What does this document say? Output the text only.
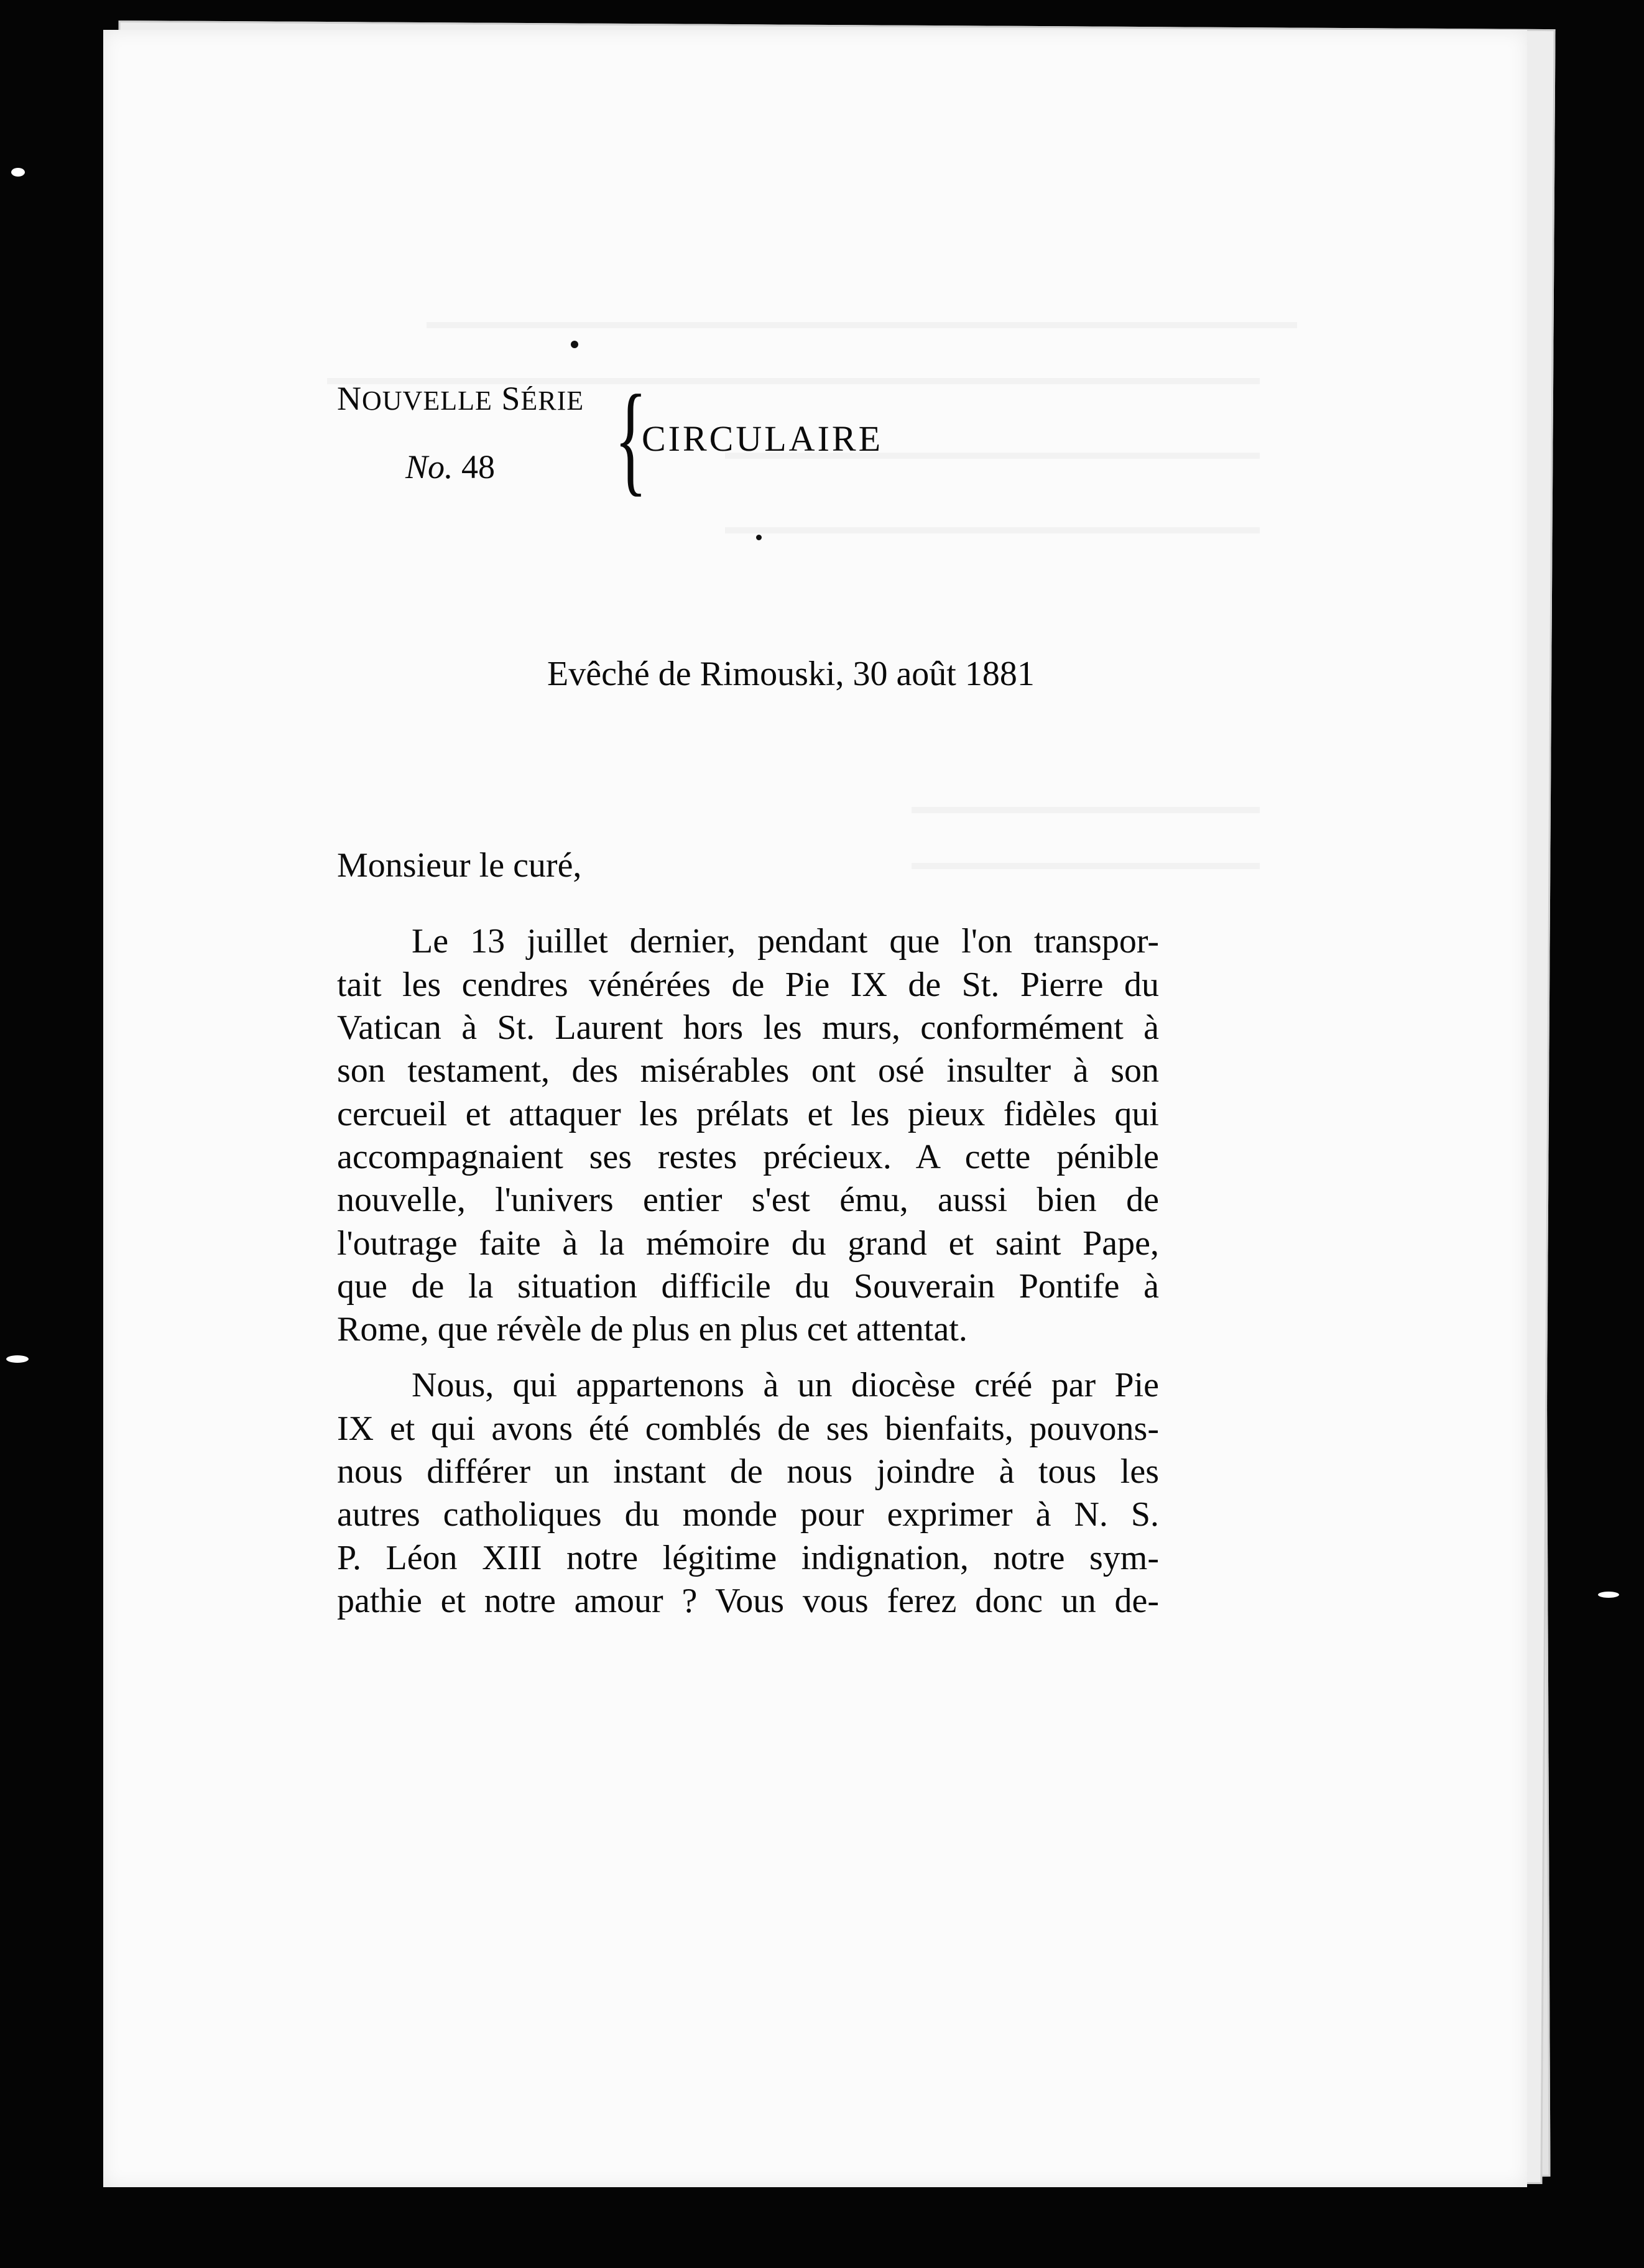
NOUVELLE SÉRIE
No. 48 {
CIRCULAIRE
Evêché de Rimouski, 30 août 1881
Monsieur le curé,
Le 13 juillet dernier, pendant que l'on transpor-
tait les cendres vénérées de Pie IX de St. Pierre du
Vatican à St. Laurent hors les murs, conformément à
son testament, des misérables ont osé insulter à son
cercueil et attaquer les prélats et les pieux fidèles qui
accompagnaient ses restes précieux. A cette pénible
nouvelle, l'univers entier s'est ému, aussi bien de
l'outrage faite à la mémoire du grand et saint Pape,
que de la situation difficile du Souverain Pontife à
Rome, que révèle de plus en plus cet attentat.
Nous, qui appartenons à un diocèse créé par Pie
IX et qui avons été comblés de ses bienfaits, pouvons-
nous différer un instant de nous joindre à tous les
autres catholiques du monde pour exprimer à N. S.
P. Léon XIII notre légitime indignation, notre sym-
pathie et notre amour ? Vous vous ferez donc un de-
